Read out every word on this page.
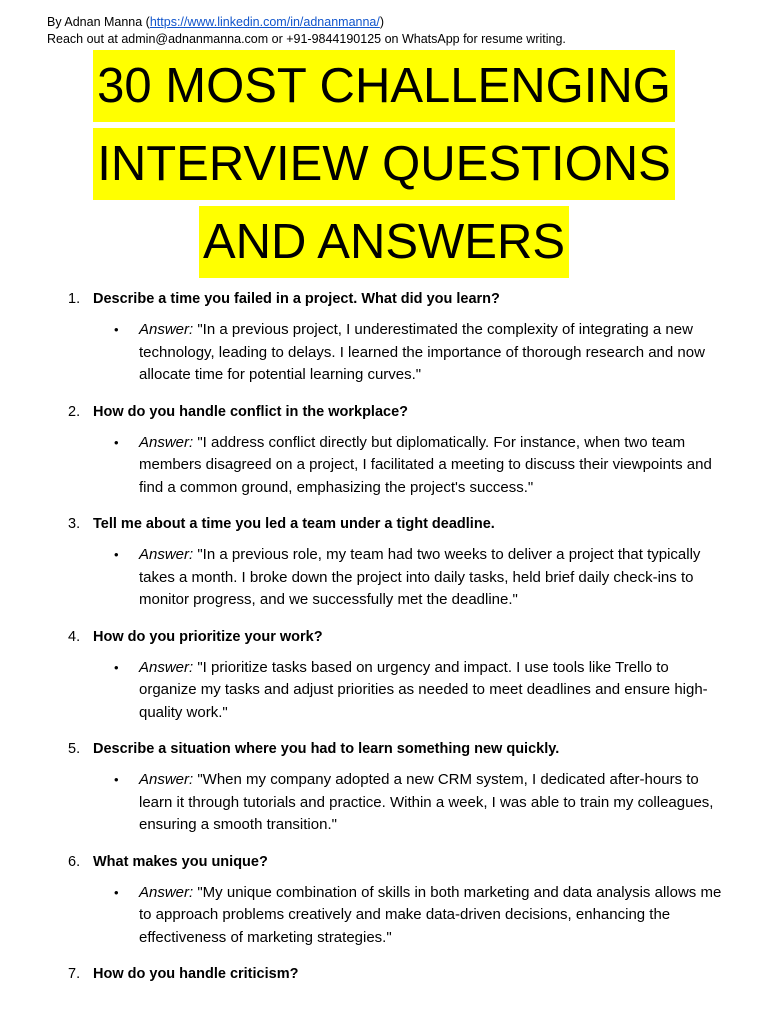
By Adnan Manna (https://www.linkedin.com/in/adnanmanna/)
Reach out at admin@adnanmanna.com or +91-9844190125 on WhatsApp for resume writing.
30 MOST CHALLENGING
INTERVIEW QUESTIONS
AND ANSWERS
1. Describe a time you failed in a project. What did you learn?
•	Answer: "In a previous project, I underestimated the complexity of integrating a new technology, leading to delays. I learned the importance of thorough research and now allocate time for potential learning curves."
2. How do you handle conflict in the workplace?
•	Answer: "I address conflict directly but diplomatically. For instance, when two team members disagreed on a project, I facilitated a meeting to discuss their viewpoints and find a common ground, emphasizing the project's success."
3. Tell me about a time you led a team under a tight deadline.
•	Answer: "In a previous role, my team had two weeks to deliver a project that typically takes a month. I broke down the project into daily tasks, held brief daily check-ins to monitor progress, and we successfully met the deadline."
4. How do you prioritize your work?
•	Answer: "I prioritize tasks based on urgency and impact. I use tools like Trello to organize my tasks and adjust priorities as needed to meet deadlines and ensure high-quality work."
5. Describe a situation where you had to learn something new quickly.
•	Answer: "When my company adopted a new CRM system, I dedicated after-hours to learn it through tutorials and practice. Within a week, I was able to train my colleagues, ensuring a smooth transition."
6. What makes you unique?
•	Answer: "My unique combination of skills in both marketing and data analysis allows me to approach problems creatively and make data-driven decisions, enhancing the effectiveness of marketing strategies."
7. How do you handle criticism?
